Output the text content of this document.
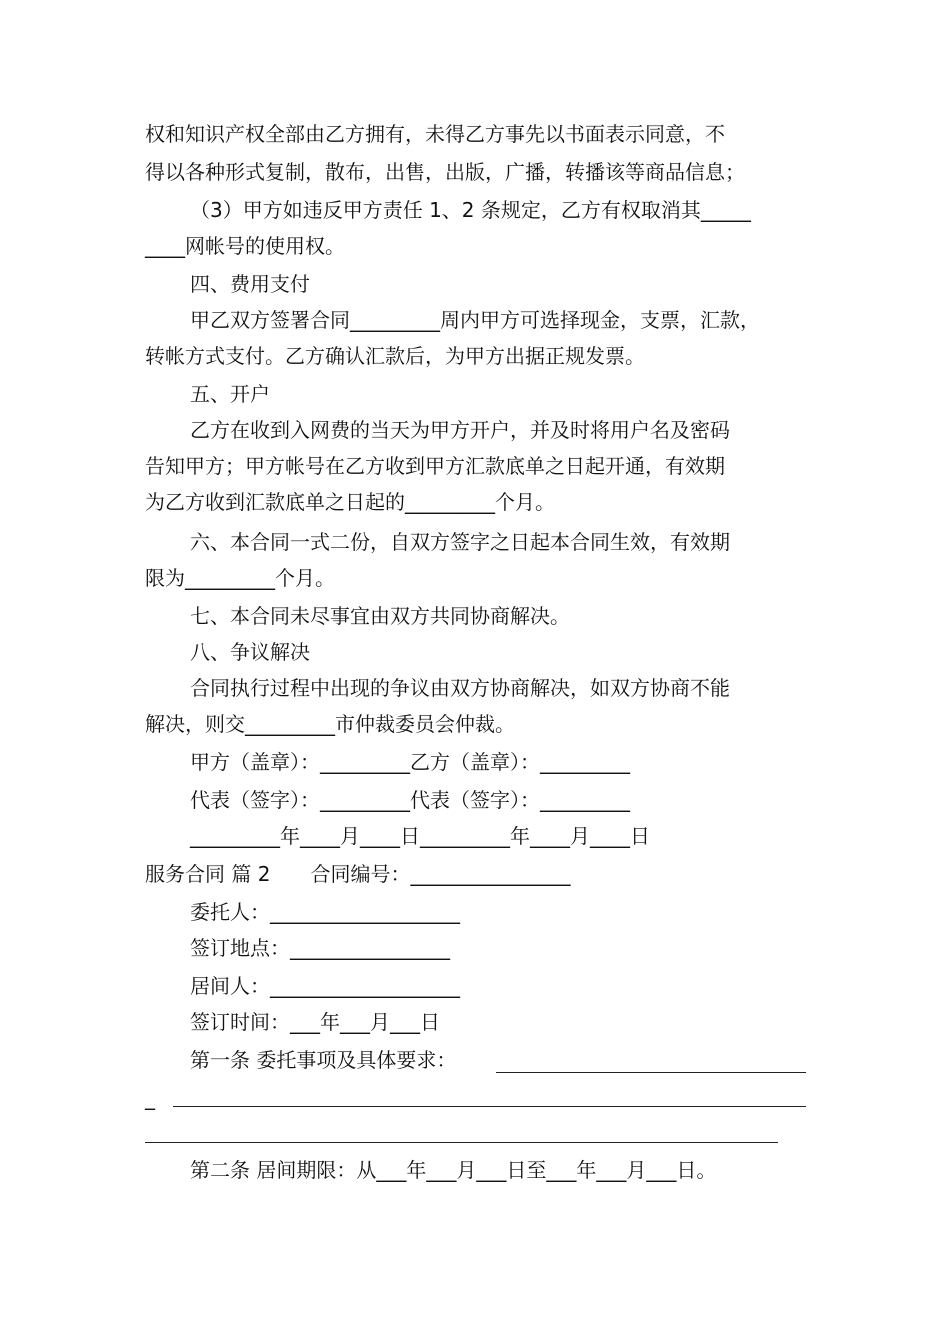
权和知识产权全部由乙方拥有，未得乙方事先以书面表示同意，不
得以各种形式复制，散布，出售，出版，广播，转播该等商品信息；
（3）甲方如违反甲方责任 1、2 条规定，乙方有权取消其_____
____网帐号的使用权。
四、费用支付
甲乙双方签署合同_________周内甲方可选择现金，支票，汇款，
转帐方式支付。乙方确认汇款后，为甲方出据正规发票。
五、开户
乙方在收到入网费的当天为甲方开户，并及时将用户名及密码
告知甲方；甲方帐号在乙方收到甲方汇款底单之日起开通，有效期
为乙方收到汇款底单之日起的_________个月。
六、本合同一式二份，自双方签字之日起本合同生效，有效期
限为_________个月。
七、本合同未尽事宜由双方共同协商解决。
八、争议解决
合同执行过程中出现的争议由双方协商解决，如双方协商不能
解决，则交_________市仲裁委员会仲裁。
甲方（盖章）：_________乙方（盖章）：_________
代表（签字）：_________代表（签字）：_________
_________年____月____日_________年____月____日
服务合同 篇 2　　合同编号：________________
委托人：___________________
签订地点：________________
居间人：___________________
签订时间：___年___月___日
第一条 委托事项及具体要求：
_
第二条 居间期限：从___年___月___日至___年___月___日。
